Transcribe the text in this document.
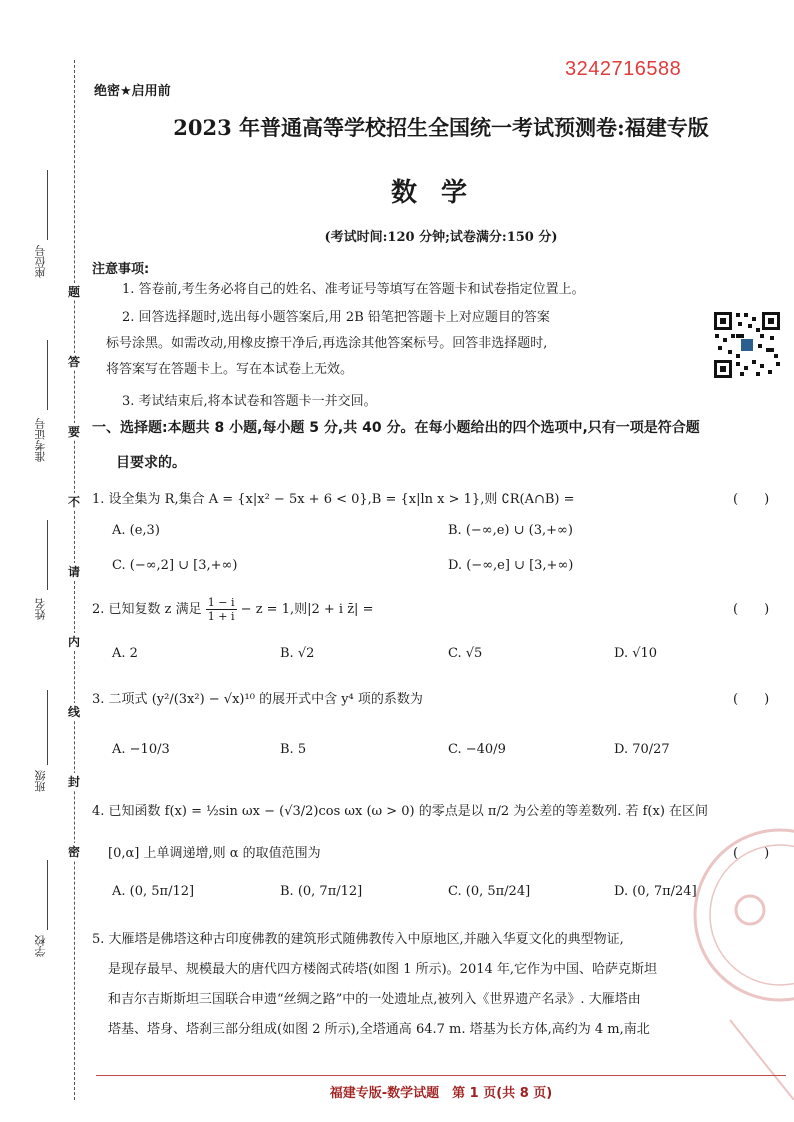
座位号
准考证号
姓名
班级
学校
题
答
要
不
请
内
线
封
密
3242716588
绝密★启用前
2023 年普通高等学校招生全国统一考试预测卷:福建专版
数学
(考试时间:120 分钟;试卷满分:150 分)
注意事项:
1. 答卷前,考生务必将自己的姓名、准考证号等填写在答题卡和试卷指定位置上。
2. 回答选择题时,选出每小题答案后,用 2B 铅笔把答题卡上对应题目的答案
标号涂黑。如需改动,用橡皮擦干净后,再选涂其他答案标号。回答非选择题时,
将答案写在答题卡上。写在本试卷上无效。
3. 考试结束后,将本试卷和答题卡一并交回。
一、选择题:本题共 8 小题,每小题 5 分,共 40 分。在每小题给出的四个选项中,只有一项是符合题
目要求的。
1. 设全集为 R,集合 A = {x|x² − 5x + 6 < 0},B = {x|ln x > 1},则 ∁R(A∩B) =	(　　)
A. (e,3)	B. (−∞,e) ∪ (3,+∞)
C. (−∞,2] ∪ [3,+∞)	D. (−∞,e] ∪ [3,+∞)
2. 已知复数 z 满足 $\frac{1 - i}{1 + i} - z = 1$,则|2 + i z̄| =	(　　)
A. 2	B. √2	C. √5	D. √10
3. 二项式 (y²/(3x²) − √x)¹⁰ 的展开式中含 y⁴ 项的系数为	(　　)
A. −10/3	B. 5	C. −40/9	D. 70/27
4. 已知函数 f(x) = ½sin ωx − (√3/2)cos ωx (ω > 0) 的零点是以 π/2 为公差的等差数列. 若 f(x) 在区间
[0,α] 上单调递增,则 α 的取值范围为	(　　)
A. (0, 5π/12]	B. (0, 7π/12]	C. (0, 5π/24]	D. (0, 7π/24]
5. 大雁塔是佛塔这种古印度佛教的建筑形式随佛教传入中原地区,并融入华夏文化的典型物证,
是现存最早、规模最大的唐代四方楼阁式砖塔(如图 1 所示)。2014 年,它作为中国、哈萨克斯坦
和吉尔吉斯斯坦三国联合申遗“丝绸之路”中的一处遗址点,被列入《世界遗产名录》. 大雁塔由
塔基、塔身、塔刹三部分组成(如图 2 所示),全塔通高 64.7 m. 塔基为长方体,高约为 4 m,南北
福建专版-数学试题　第 1 页(共 8 页)
